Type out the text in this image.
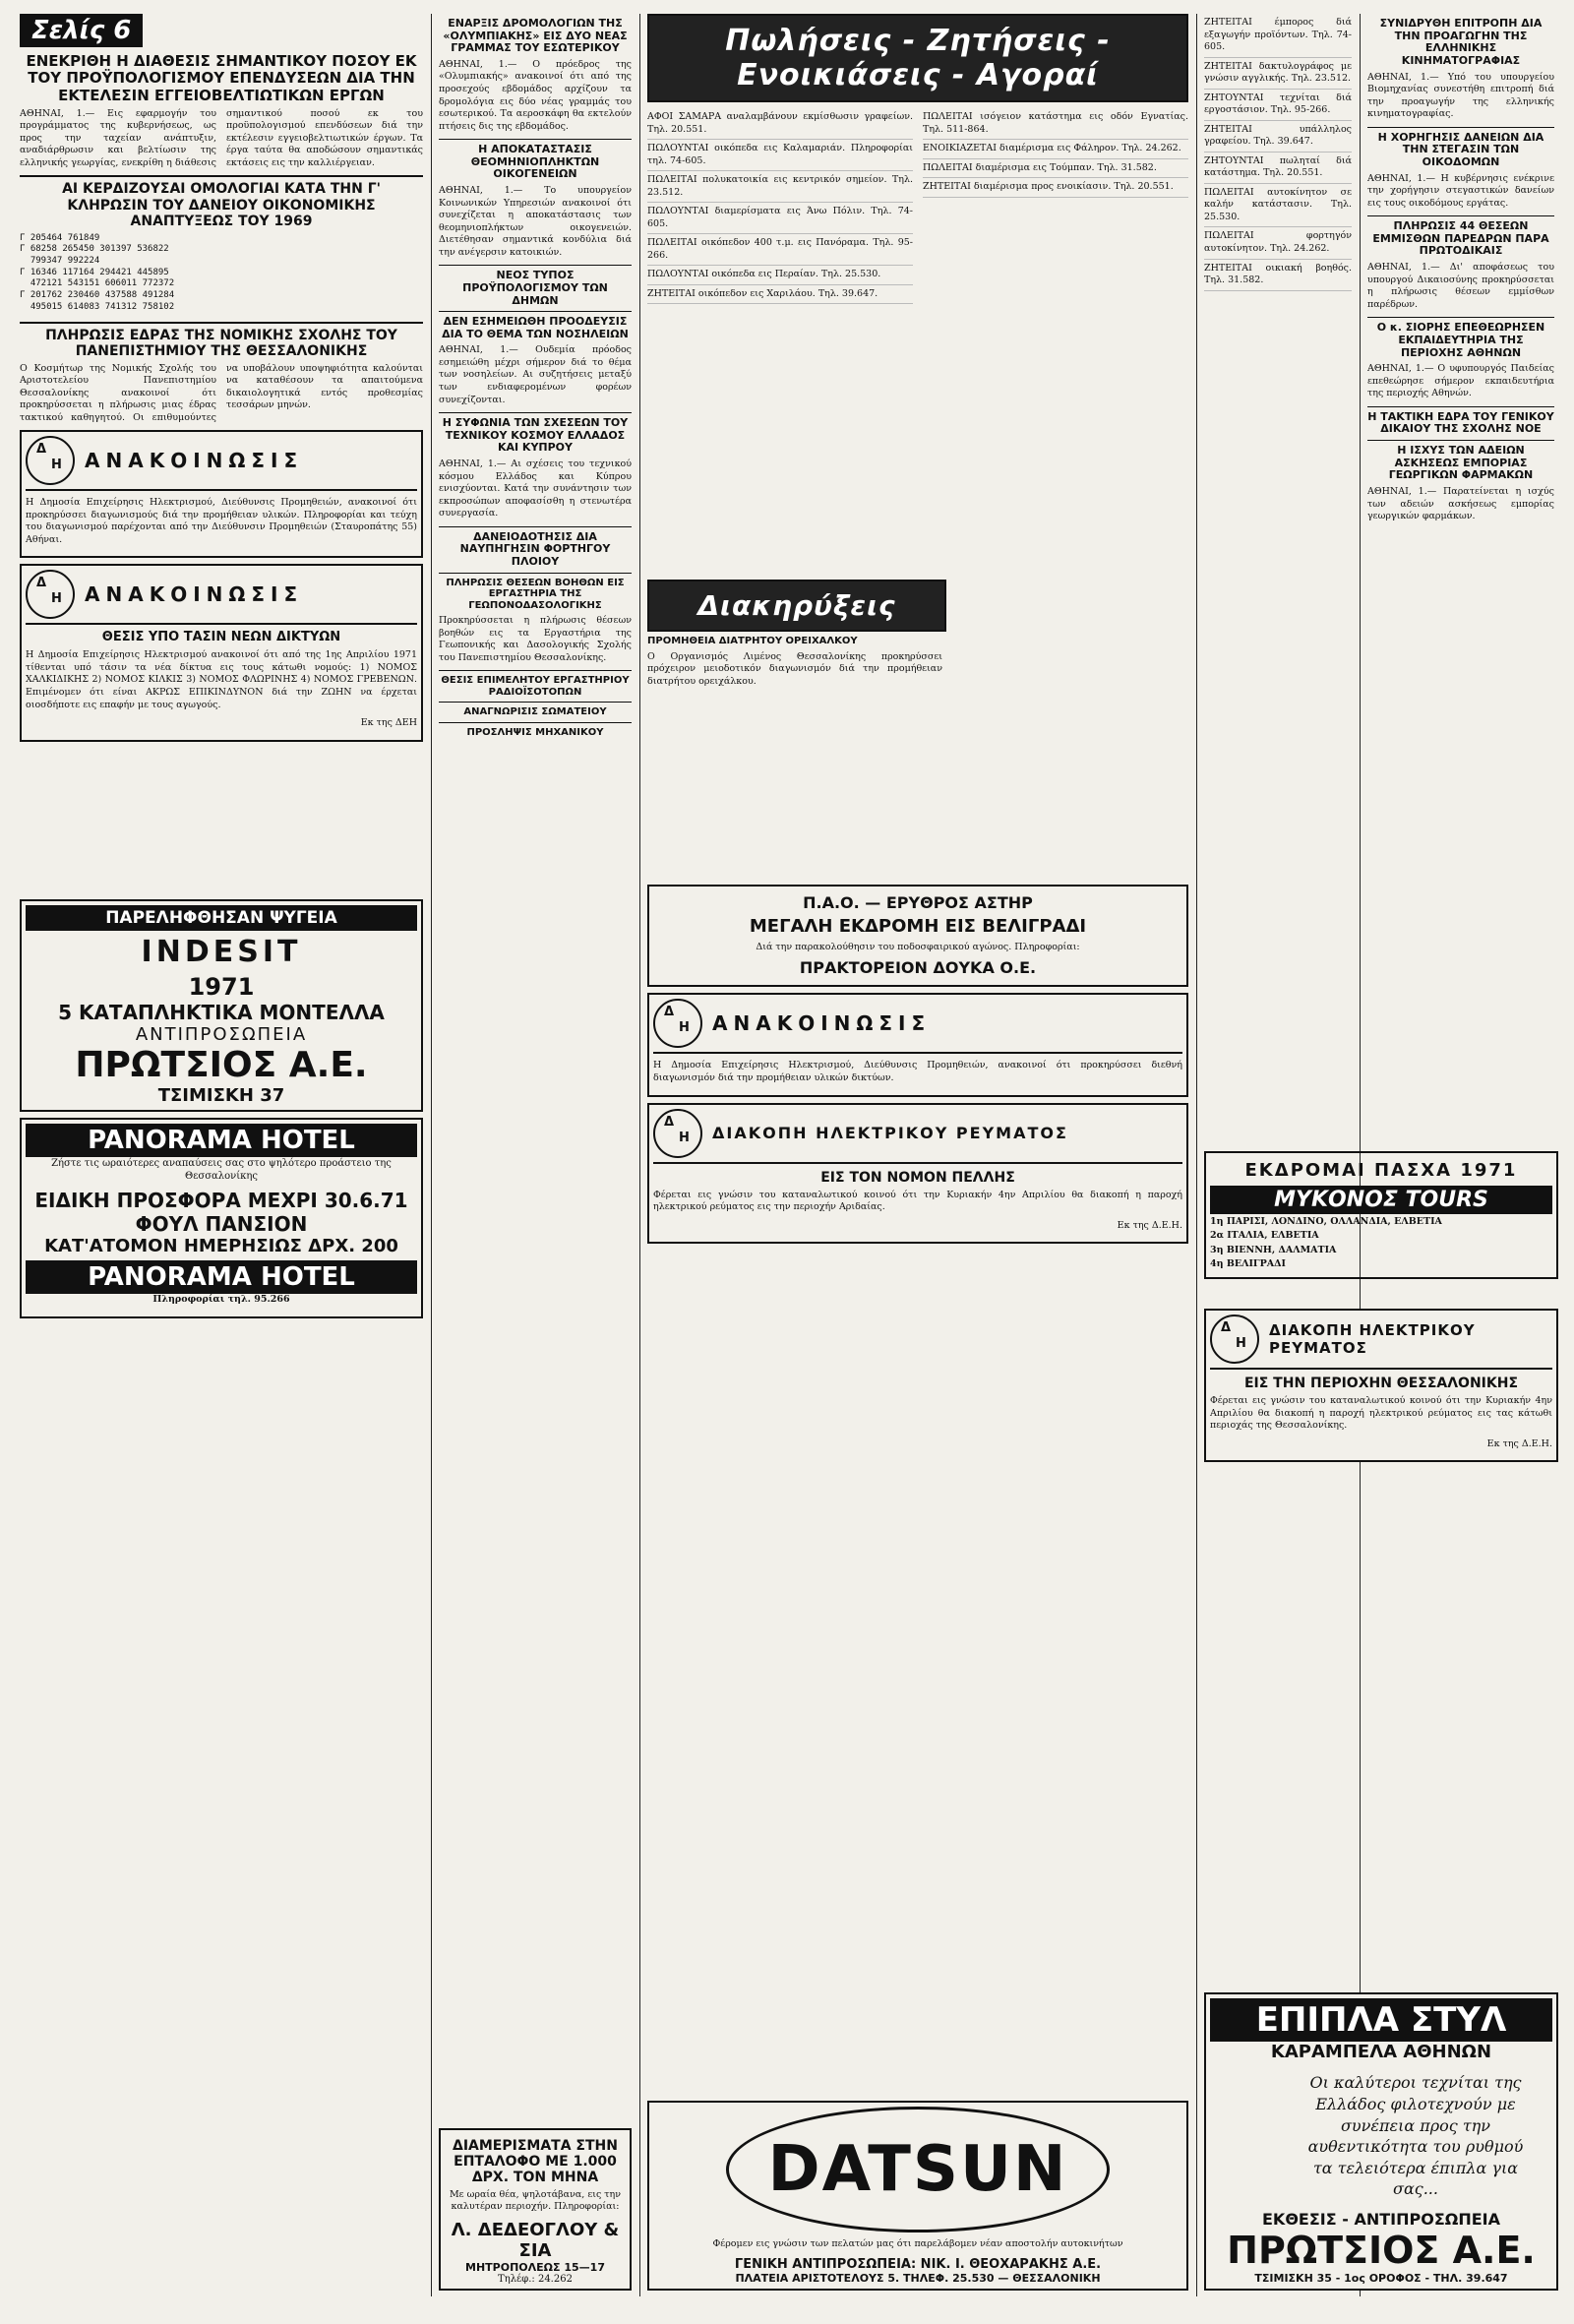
Σελίς 6
ΕΝΕΚΡΙΘΗ Η ΔΙΑΘΕΣΙΣ ΣΗΜΑΝΤΙΚΟΥ ΠΟΣΟΥ ΕΚ ΤΟΥ ΠΡΟΫΠΟΛΟΓΙΣΜΟΥ ΕΠΕΝΔΥΣΕΩΝ ΔΙΑ ΤΗΝ ΕΚΤΕΛΕΣΙΝ ΕΓΓΕΙΟΒΕΛΤΙΩΤΙΚΩΝ ΕΡΓΩΝ

ΑΘΗΝΑΙ, 1.— Εις εφαρμογήν του προγράμματος της κυβερνήσεως, ως προς την ταχείαν ανάπτυξιν, αναδιάρθρωσιν και βελτίωσιν της ελληνικής γεωργίας, ενεκρίθη η διάθεσις σημαντικού ποσού εκ του προϋπολογισμού επενδύσεων διά την εκτέλεσιν εγγειοβελτιωτικών έργων. Τα έργα ταύτα θα αποδώσουν σημαντικάς εκτάσεις εις την καλλιέργειαν.

ΑΙ ΚΕΡΔΙΖΟΥΣΑΙ ΟΜΟΛΟΓΙΑΙ ΚΑΤΑ ΤΗΝ Γ' ΚΛΗΡΩΣΙΝ ΤΟΥ ΔΑΝΕΙΟΥ ΟΙΚΟΝΟΜΙΚΗΣ ΑΝΑΠΤΥΞΕΩΣ ΤΟΥ 1969
Γ 205464 761849
Γ 68258 265450 301397 536822
799347 992224
Γ 16346 117164 294421 445895
472121 543151 606011 772372
Γ 201762 230460 437588 491284
495015 614083 741312 758102
ΠΛΗΡΩΣΙΣ ΕΔΡΑΣ ΤΗΣ ΝΟΜΙΚΗΣ ΣΧΟΛΗΣ ΤΟΥ ΠΑΝΕΠΙΣΤΗΜΙΟΥ ΤΗΣ ΘΕΣΣΑΛΟΝΙΚΗΣ

Ο Κοσμήτωρ της Νομικής Σχολής του Αριστοτελείου Πανεπιστημίου Θεσσαλονίκης ανακοινοί ότι προκηρύσσεται η πλήρωσις μιας έδρας τακτικού καθηγητού. Οι επιθυμούντες να υποβάλουν υποψηφιότητα καλούνται να καταθέσουν τα απαιτούμενα δικαιολογητικά εντός προθεσμίας τεσσάρων μηνών.

Δ
Η ΑΝΑΚΟΙΝΩΣΙΣ

Η Δημοσία Επιχείρησις Ηλεκτρισμού, Διεύθυνσις Προμηθειών, ανακοινοί ότι προκηρύσσει διαγωνισμούς διά την προμήθειαν υλικών. Πληροφορίαι και τεύχη του διαγωνισμού παρέχονται από την Διεύθυνσιν Προμηθειών (Σταυροπάτης 55) Αθήναι.

Δ
Η ΑΝΑΚΟΙΝΩΣΙΣ
ΘΕΣΙΣ ΥΠΟ ΤΑΣΙΝ ΝΕΩΝ ΔΙΚΤΥΩΝ

Η Δημοσία Επιχείρησις Ηλεκτρισμού ανακοινοί ότι από της 1ης Απριλίου 1971 τίθενται υπό τάσιν τα νέα δίκτυα εις τους κάτωθι νομούς: 1) ΝΟΜΟΣ ΧΑΛΚΙΔΙΚΗΣ 2) ΝΟΜΟΣ ΚΙΛΚΙΣ 3) ΝΟΜΟΣ ΦΛΩΡΙΝΗΣ 4) ΝΟΜΟΣ ΓΡΕΒΕΝΩΝ. Επιμένομεν ότι είναι ΑΚΡΩΣ ΕΠΙΚΙΝΔΥΝΟΝ διά την ΖΩΗΝ να έρχεται οιοσδήποτε εις επαφήν με τους αγωγούς.

Εκ της ΔΕΗ

ΠΑΡΕΛΗΦΘΗΣΑΝ ΨΥΓΕΙΑ
INDESIT
1971
5 ΚΑΤΑΠΛΗΚΤΙΚΑ ΜΟΝΤΕΛΛΑ
ΑΝΤΙΠΡΟΣΩΠΕΙΑ
ΠΡΩΤΣΙΟΣ Α.Ε.
ΤΣΙΜΙΣΚΗ 37
PANORAMA HOTEL
Ζήστε τις ωραιότερες αναπαύσεις σας στο ψηλότερο προάστειο της Θεσσαλονίκης
ΕΙΔΙΚΗ ΠΡΟΣΦΟΡΑ ΜΕΧΡΙ 30.6.71
ΦΟΥΛ ΠΑΝΣΙΟΝ
ΚΑΤ'ΑΤΟΜΟΝ ΗΜΕΡΗΣΙΩΣ ΔΡΧ. 200
PANORAMA HOTEL
Πληροφορίαι τηλ. 95.266
ΕΝΑΡΞΙΣ ΔΡΟΜΟΛΟΓΙΩΝ ΤΗΣ «ΟΛΥΜΠΙΑΚΗΣ» ΕΙΣ ΔΥΟ ΝΕΑΣ ΓΡΑΜΜΑΣ ΤΟΥ ΕΣΩΤΕΡΙΚΟΥ

ΑΘΗΝΑΙ, 1.— Ο πρόεδρος της «Ολυμπιακής» ανακοινοί ότι από της προσεχούς εβδομάδος αρχίζουν τα δρομολόγια εις δύο νέας γραμμάς του εσωτερικού. Τα αεροσκάφη θα εκτελούν πτήσεις δις της εβδομάδος.

Η ΑΠΟΚΑΤΑΣΤΑΣΙΣ ΘΕΟΜΗΝΙΟΠΛΗΚΤΩΝ ΟΙΚΟΓΕΝΕΙΩΝ

ΑΘΗΝΑΙ, 1.— Το υπουργείον Κοινωνικών Υπηρεσιών ανακοινοί ότι συνεχίζεται η αποκατάστασις των θεομηνιοπλήκτων οικογενειών. Διετέθησαν σημαντικά κονδύλια διά την ανέγερσιν κατοικιών.

ΝΕΟΣ ΤΥΠΟΣ ΠΡΟΫΠΟΛΟΓΙΣΜΟΥ ΤΩΝ ΔΗΜΩΝ
ΔΕΝ ΕΣΗΜΕΙΩΘΗ ΠΡΟΟΔΕΥΣΙΣ ΔΙΑ ΤΟ ΘΕΜΑ ΤΩΝ ΝΟΣΗΛΕΙΩΝ

ΑΘΗΝΑΙ, 1.— Ουδεμία πρόοδος εσημειώθη μέχρι σήμερον διά το θέμα των νοσηλείων. Αι συζητήσεις μεταξύ των ενδιαφερομένων φορέων συνεχίζονται.

Η ΣΥΦΩΝΙΑ ΤΩΝ ΣΧΕΣΕΩΝ ΤΟΥ ΤΕΧΝΙΚΟΥ ΚΟΣΜΟΥ ΕΛΛΑΔΟΣ ΚΑΙ ΚΥΠΡΟΥ

ΑΘΗΝΑΙ, 1.— Αι σχέσεις του τεχνικού κόσμου Ελλάδος και Κύπρου ενισχύονται. Κατά την συνάντησιν των εκπροσώπων αποφασίσθη η στενωτέρα συνεργασία.

ΔΑΝΕΙΟΔΟΤΗΣΙΣ ΔΙΑ ΝΑΥΠΗΓΗΣΙΝ ΦΟΡΤΗΓΟΥ ΠΛΟΙΟΥ
ΠΛΗΡΩΣΙΣ ΘΕΣΕΩΝ ΒΟΗΘΩΝ ΕΙΣ ΕΡΓΑΣΤΗΡΙΑ ΤΗΣ ΓΕΩΠΟΝΟΔΑΣΟΛΟΓΙΚΗΣ

Προκηρύσσεται η πλήρωσις θέσεων βοηθών εις τα Εργαστήρια της Γεωπονικής και Δασολογικής Σχολής του Πανεπιστημίου Θεσσαλονίκης.

ΘΕΣΙΣ ΕΠΙΜΕΛΗΤΟΥ ΕΡΓΑΣΤΗΡΙΟΥ ΡΑΔΙΟΪΣΟΤΟΠΩΝ
ΑΝΑΓΝΩΡΙΣΙΣ ΣΩΜΑΤΕΙΟΥ
ΠΡΟΣΛΗΨΙΣ ΜΗΧΑΝΙΚΟΥ
ΔΙΑΜΕΡΙΣΜΑΤΑ ΣΤΗΝ ΕΠΤΑΛΟΦΟ ΜΕ 1.000 ΔΡΧ. ΤΟΝ ΜΗΝΑ
Με ωραία θέα, ψηλοτάβανα, εις την καλυτέραν περιοχήν. Πληροφορίαι:
Λ. ΔΕΔΕΟΓΛΟΥ & ΣΙΑ
ΜΗΤΡΟΠΟΛΕΩΣ 15—17
Τηλέφ.: 24.262
Πωλήσεις - Ζητήσεις - Ενοικιάσεις - Αγοραί
ΑΦΟΙ ΣΑΜΑΡΑ αναλαμβάνουν εκμίσθωσιν γραφείων. Τηλ. 20.551.
ΠΩΛΟΥΝΤΑΙ οικόπεδα εις Καλαμαριάν. Πληροφορίαι τηλ. 74-605.
ΠΩΛΕΙΤΑΙ πολυκατοικία εις κεντρικόν σημείον. Τηλ. 23.512.
ΠΩΛΟΥΝΤΑΙ διαμερίσματα εις Άνω Πόλιν. Τηλ. 74-605.
ΠΩΛΕΙΤΑΙ οικόπεδον 400 τ.μ. εις Πανόραμα. Τηλ. 95-266.
ΠΩΛΟΥΝΤΑΙ οικόπεδα εις Περαίαν. Τηλ. 25.530.
ΖΗΤΕΙΤΑΙ οικόπεδον εις Χαριλάου. Τηλ. 39.647.
ΠΩΛΕΙΤΑΙ ισόγειον κατάστημα εις οδόν Εγνατίας. Τηλ. 511-864.
ΕΝΟΙΚΙΑΖΕΤΑΙ διαμέρισμα εις Φάληρον. Τηλ. 24.262.
ΠΩΛΕΙΤΑΙ διαμέρισμα εις Τούμπαν. Τηλ. 31.582.
ΖΗΤΕΙΤΑΙ διαμέρισμα προς ενοικίασιν. Τηλ. 20.551.
Διακηρύξεις
ΠΡΟΜΗΘΕΙΑ ΔΙΑΤΡΗΤΟΥ ΟΡΕΙΧΑΛΚΟΥ

Ο Οργανισμός Λιμένος Θεσσαλονίκης προκηρύσσει πρόχειρον μειοδοτικόν διαγωνισμόν διά την προμήθειαν διατρήτου ορειχάλκου.

Π.Α.Ο. — ΕΡΥΘΡΟΣ ΑΣΤΗΡ
ΜΕΓΑΛΗ ΕΚΔΡΟΜΗ ΕΙΣ ΒΕΛΙΓΡΑΔΙ
Διά την παρακολούθησιν του ποδοσφαιρικού αγώνος. Πληροφορίαι:
ΠΡΑΚΤΟΡΕΙΟΝ ΔΟΥΚΑ Ο.Ε.
Δ
Η ΑΝΑΚΟΙΝΩΣΙΣ

Η Δημοσία Επιχείρησις Ηλεκτρισμού, Διεύθυνσις Προμηθειών, ανακοινοί ότι προκηρύσσει διεθνή διαγωνισμόν διά την προμήθειαν υλικών δικτύων.

Δ
Η ΔΙΑΚΟΠΗ ΗΛΕΚΤΡΙΚΟΥ ΡΕΥΜΑΤΟΣ
ΕΙΣ ΤΟΝ ΝΟΜΟΝ ΠΕΛΛΗΣ

Φέρεται εις γνώσιν του καταναλωτικού κοινού ότι την Κυριακήν 4ην Απριλίου θα διακοπή η παροχή ηλεκτρικού ρεύματος εις την περιοχήν Αριδαίας.

Εκ της Δ.Ε.Η.

DATSUN
Φέρομεν εις γνώσιν των πελατών μας ότι παρελάβομεν νέαν αποστολήν αυτοκινήτων
ΓΕΝΙΚΗ ΑΝΤΙΠΡΟΣΩΠΕΙΑ: ΝΙΚ. Ι. ΘΕΟΧΑΡΑΚΗΣ Α.Ε.
ΠΛΑΤΕΙΑ ΑΡΙΣΤΟΤΕΛΟΥΣ 5. ΤΗΛΕΦ. 25.530 — ΘΕΣΣΑΛΟΝΙΚΗ
ΖΗΤΕΙΤΑΙ έμπορος διά εξαγωγήν προϊόντων. Τηλ. 74-605.
ΖΗΤΕΙΤΑΙ δακτυλογράφος με γνώσιν αγγλικής. Τηλ. 23.512.
ΖΗΤΟΥΝΤΑΙ τεχνίται διά εργοστάσιον. Τηλ. 95-266.
ΖΗΤΕΙΤΑΙ υπάλληλος γραφείου. Τηλ. 39.647.
ΖΗΤΟΥΝΤΑΙ πωληταί διά κατάστημα. Τηλ. 20.551.
ΠΩΛΕΙΤΑΙ αυτοκίνητον σε καλήν κατάστασιν. Τηλ. 25.530.
ΠΩΛΕΙΤΑΙ φορτηγόν αυτοκίνητον. Τηλ. 24.262.
ΖΗΤΕΙΤΑΙ οικιακή βοηθός. Τηλ. 31.582.
ΣΥΝΙΔΡΥΘΗ ΕΠΙΤΡΟΠΗ ΔΙΑ ΤΗΝ ΠΡΟΑΓΩΓΗΝ ΤΗΣ ΕΛΛΗΝΙΚΗΣ ΚΙΝΗΜΑΤΟΓΡΑΦΙΑΣ

ΑΘΗΝΑΙ, 1.— Υπό του υπουργείου Βιομηχανίας συνεστήθη επιτροπή διά την προαγωγήν της ελληνικής κινηματογραφίας.

Η ΧΟΡΗΓΗΣΙΣ ΔΑΝΕΙΩΝ ΔΙΑ ΤΗΝ ΣΤΕΓΑΣΙΝ ΤΩΝ ΟΙΚΟΔΟΜΩΝ

ΑΘΗΝΑΙ, 1.— Η κυβέρνησις ενέκρινε την χορήγησιν στεγαστικών δανείων εις τους οικοδόμους εργάτας.

ΠΛΗΡΩΣΙΣ 44 ΘΕΣΕΩΝ ΕΜΜΙΣΘΩΝ ΠΑΡΕΔΡΩΝ ΠΑΡΑ ΠΡΩΤΟΔΙΚΑΙΣ

ΑΘΗΝΑΙ, 1.— Δι' αποφάσεως του υπουργού Δικαιοσύνης προκηρύσσεται η πλήρωσις θέσεων εμμίσθων παρέδρων.

Ο κ. ΣΙΟΡΗΣ ΕΠΕΘΕΩΡΗΣΕΝ ΕΚΠΑΙΔΕΥΤΗΡΙΑ ΤΗΣ ΠΕΡΙΟΧΗΣ ΑΘΗΝΩΝ

ΑΘΗΝΑΙ, 1.— Ο υφυπουργός Παιδείας επεθεώρησε σήμερον εκπαιδευτήρια της περιοχής Αθηνών.

Η ΤΑΚΤΙΚΗ ΕΔΡΑ ΤΟΥ ΓΕΝΙΚΟΥ ΔΙΚΑΙΟΥ ΤΗΣ ΣΧΟΛΗΣ ΝΟΕ
Η ΙΣΧΥΣ ΤΩΝ ΑΔΕΙΩΝ ΑΣΚΗΣΕΩΣ ΕΜΠΟΡΙΑΣ ΓΕΩΡΓΙΚΩΝ ΦΑΡΜΑΚΩΝ

ΑΘΗΝΑΙ, 1.— Παρατείνεται η ισχύς των αδειών ασκήσεως εμπορίας γεωργικών φαρμάκων.

ΕΚΔΡΟΜΑΙ ΠΑΣΧΑ 1971
ΜΥΚΟΝΟΣ TOURS
1η ΠΑΡΙΣΙ, ΛΟΝΔΙΝΟ, ΟΛΛΑΝΔΙΑ, ΕΛΒΕΤΙΑ
2α ΙΤΑΛΙΑ, ΕΛΒΕΤΙΑ
3η ΒΙΕΝΝΗ, ΔΑΛΜΑΤΙΑ
4η ΒΕΛΙΓΡΑΔΙ
Δ
Η
ΔΙΑΚΟΠΗ ΗΛΕΚΤΡΙΚΟΥ ΡΕΥΜΑΤΟΣ
ΕΙΣ ΤΗΝ ΠΕΡΙΟΧΗΝ ΘΕΣΣΑΛΟΝΙΚΗΣ

Φέρεται εις γνώσιν του καταναλωτικού κοινού ότι την Κυριακήν 4ην Απριλίου θα διακοπή η παροχή ηλεκτρικού ρεύματος εις τας κάτωθι περιοχάς της Θεσσαλονίκης.

Εκ της Δ.Ε.Η.

ΕΠΙΠΛΑ ΣΤΥΛ
ΚΑΡΑΜΠΕΛΑ ΑΘΗΝΩΝ
Οι καλύτεροι τεχνίται της Ελλάδος φιλοτεχνούν με συνέπεια προς την αυθεντικότητα του ρυθμού τα τελειότερα έπιπλα για σας...
ΕΚΘΕΣΙΣ - ΑΝΤΙΠΡΟΣΩΠΕΙΑ
ΠΡΩΤΣΙΟΣ Α.Ε.
ΤΣΙΜΙΣΚΗ 35 - 1ος ΟΡΟΦΟΣ - ΤΗΛ. 39.647
